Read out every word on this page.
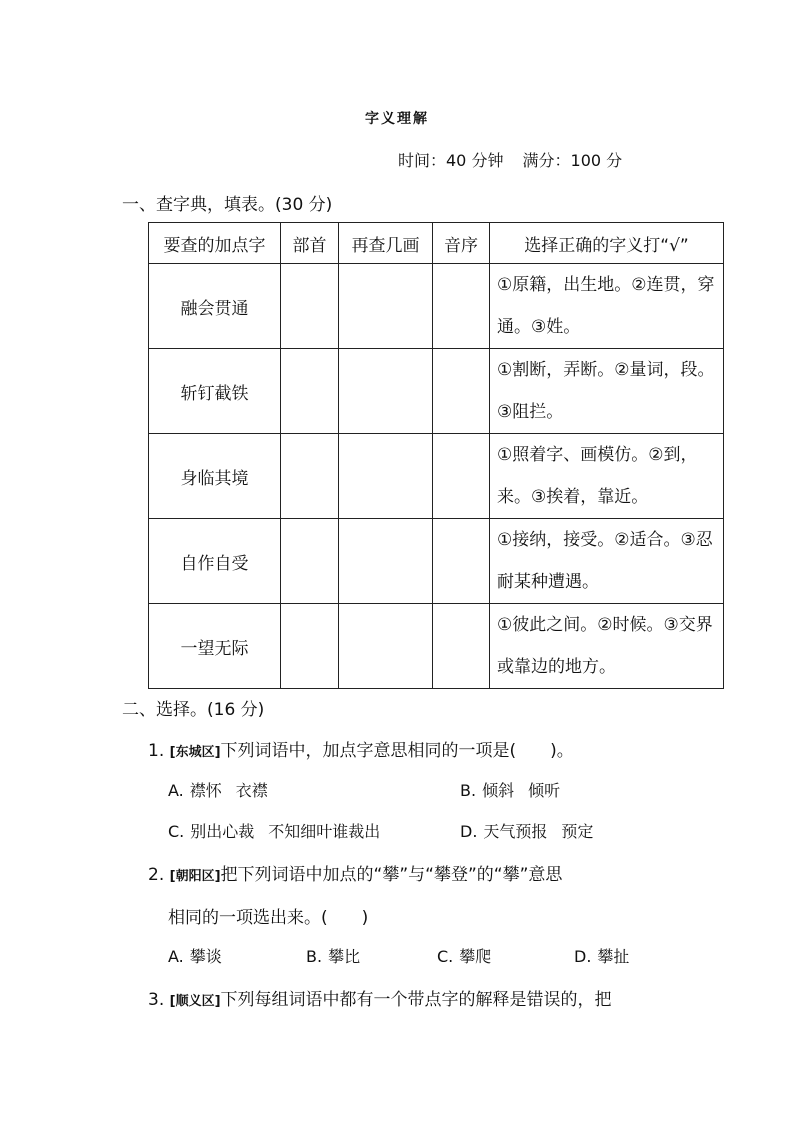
字义理解
时间：40 分钟 满分：100 分
一、查字典，填表。(30 分)
要查的加点字	部首	再查几画	音序	选择正确的字义打“√”
融会贯通				①原籍，出生地。②连贯，穿通。③姓。
斩钉截铁				①割断，弄断。②量词，段。③阻拦。
身临其境				①照着字、画模仿。②到，来。③挨着，靠近。
自作自受				①接纳，接受。②适合。③忍耐某种遭遇。
一望无际				①彼此之间。②时候。③交界或靠边的地方。
二、选择。(16 分)
1. [东城区]下列词语中，加点字意思相同的一项是(　　)。
A. 襟怀 衣襟	B. 倾斜 倾听
C. 别出心裁 不知细叶谁裁出	D. 天气预报 预定
2. [朝阳区]把下列词语中加点的“攀”与“攀登”的“攀”意思
相同的一项选出来。(　　)
A. 攀谈	B. 攀比	C. 攀爬	D. 攀扯
3. [顺义区]下列每组词语中都有一个带点字的解释是错误的，把
